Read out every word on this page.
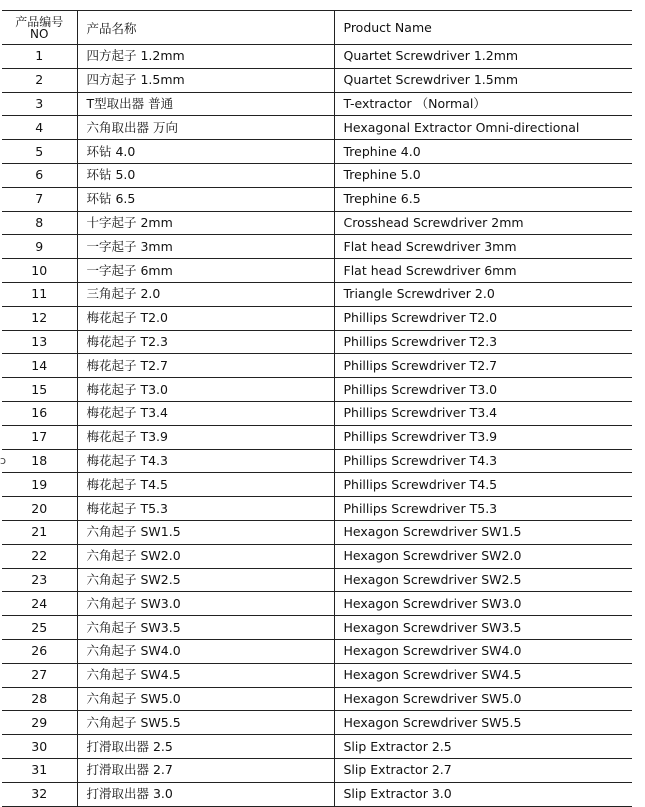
ɔ
产品编号
NO	产品名称	Product Name
1	四方起子 1.2mm	Quartet Screwdriver 1.2mm
2	四方起子 1.5mm	Quartet Screwdriver 1.5mm
3	T型取出器 普通	T-extractor （Normal）
4	六角取出器 万向	Hexagonal Extractor Omni-directional
5	环钻 4.0	Trephine 4.0
6	环钻 5.0	Trephine 5.0
7	环钻 6.5	Trephine 6.5
8	十字起子 2mm	Crosshead Screwdriver 2mm
9	一字起子 3mm	Flat head Screwdriver 3mm
10	一字起子 6mm	Flat head Screwdriver 6mm
11	三角起子 2.0	Triangle Screwdriver 2.0
12	梅花起子 T2.0	Phillips Screwdriver T2.0
13	梅花起子 T2.3	Phillips Screwdriver T2.3
14	梅花起子 T2.7	Phillips Screwdriver T2.7
15	梅花起子 T3.0	Phillips Screwdriver T3.0
16	梅花起子 T3.4	Phillips Screwdriver T3.4
17	梅花起子 T3.9	Phillips Screwdriver T3.9
18	梅花起子 T4.3	Phillips Screwdriver T4.3
19	梅花起子 T4.5	Phillips Screwdriver T4.5
20	梅花起子 T5.3	Phillips Screwdriver T5.3
21	六角起子 SW1.5	Hexagon Screwdriver SW1.5
22	六角起子 SW2.0	Hexagon Screwdriver SW2.0
23	六角起子 SW2.5	Hexagon Screwdriver SW2.5
24	六角起子 SW3.0	Hexagon Screwdriver SW3.0
25	六角起子 SW3.5	Hexagon Screwdriver SW3.5
26	六角起子 SW4.0	Hexagon Screwdriver SW4.0
27	六角起子 SW4.5	Hexagon Screwdriver SW4.5
28	六角起子 SW5.0	Hexagon Screwdriver SW5.0
29	六角起子 SW5.5	Hexagon Screwdriver SW5.5
30	打滑取出器 2.5	Slip Extractor 2.5
31	打滑取出器 2.7	Slip Extractor 2.7
32	打滑取出器 3.0	Slip Extractor 3.0
